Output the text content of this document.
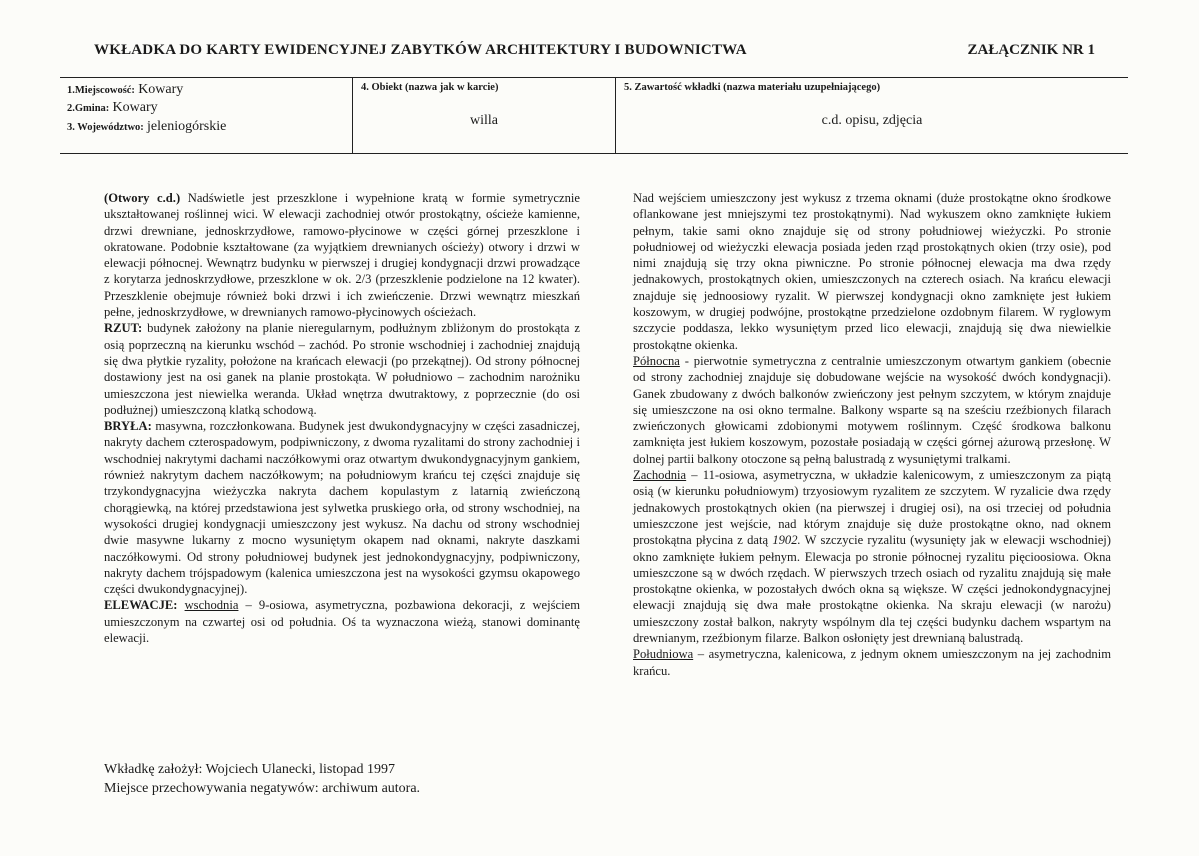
WKŁADKA DO KARTY EWIDENCYJNEJ ZABYTKÓW ARCHITEKTURY I BUDOWNICTWA	ZAŁĄCZNIK NR 1
1.Miejscowość: Kowary
2.Gmina: Kowary
3. Województwo: jeleniogórskie
4. Obiekt (nazwa jak w karcie)
willa
5. Zawartość wkładki (nazwa materiału uzupełniającego)
c.d. opisu, zdjęcia

(Otwory c.d.) Nadświetle jest przeszklone i wypełnione kratą w formie symetrycznie ukształtowanej roślinnej wici. W elewacji zachodniej otwór prostokątny, ościeże kamienne, drzwi drewniane, jednoskrzydłowe, ramowo-płycinowe w części górnej przeszklone i okratowane. Podobnie kształtowane (za wyjątkiem drewnianych ościeży) otwory i drzwi w elewacji północnej. Wewnątrz budynku w pierwszej i drugiej kondygnacji drzwi prowadzące z korytarza jednoskrzydłowe, przeszklone w ok. 2/3 (przeszklenie podzielone na 12 kwater). Przeszklenie obejmuje również boki drzwi i ich zwieńczenie. Drzwi wewnątrz mieszkań pełne, jednoskrzydłowe, w drewnianych ramowo-płycinowych ościeżach.

RZUT: budynek założony na planie nieregularnym, podłużnym zbliżonym do prostokąta z osią poprzeczną na kierunku wschód – zachód. Po stronie wschodniej i zachodniej znajdują się dwa płytkie ryzality, położone na krańcach elewacji (po przekątnej). Od strony północnej dostawiony jest na osi ganek na planie prostokąta. W południowo – zachodnim narożniku umieszczona jest niewielka weranda. Układ wnętrza dwutraktowy, z poprzecznie (do osi podłużnej) umieszczoną klatką schodową.

BRYŁA: masywna, rozczłonkowana. Budynek jest dwukondygnacyjny w części zasadniczej, nakryty dachem czterospadowym, podpiwniczony, z dwoma ryzalitami do strony zachodniej i wschodniej nakrytymi dachami naczółkowymi oraz otwartym dwukondygnacyjnym gankiem, również nakrytym dachem naczółkowym; na południowym krańcu tej części znajduje się trzykondygnacyjna wieżyczka nakryta dachem kopulastym z latarnią zwieńczoną chorągiewką, na której przedstawiona jest sylwetka pruskiego orła, od strony wschodniej, na wysokości drugiej kondygnacji umieszczony jest wykusz. Na dachu od strony wschodniej dwie masywne lukarny z mocno wysuniętym okapem nad oknami, nakryte daszkami naczółkowymi. Od strony południowej budynek jest jednokondygnacyjny, podpiwniczony, nakryty dachem trójspadowym (kalenica umieszczona jest na wysokości gzymsu okapowego części dwukondygnacyjnej).

ELEWACJE: wschodnia – 9-osiowa, asymetryczna, pozbawiona dekoracji, z wejściem umieszczonym na czwartej osi od południa. Oś ta wyznaczona wieżą, stanowi dominantę elewacji.

Nad wejściem umieszczony jest wykusz z trzema oknami (duże prostokątne okno środkowe oflankowane jest mniejszymi tez prostokątnymi). Nad wykuszem okno zamknięte łukiem pełnym, takie sami okno znajduje się od strony południowej wieżyczki. Po stronie południowej od wieżyczki elewacja posiada jeden rząd prostokątnych okien (trzy osie), pod nimi znajdują się trzy okna piwniczne. Po stronie północnej elewacja ma dwa rzędy jednakowych, prostokątnych okien, umieszczonych na czterech osiach. Na krańcu elewacji znajduje się jednoosiowy ryzalit. W pierwszej kondygnacji okno zamknięte jest łukiem koszowym, w drugiej podwójne, prostokątne przedzielone ozdobnym filarem. W ryglowym szczycie poddasza, lekko wysuniętym przed lico elewacji, znajdują się dwa niewielkie prostokątne okienka.

Północna - pierwotnie symetryczna z centralnie umieszczonym otwartym gankiem (obecnie od strony zachodniej znajduje się dobudowane wejście na wysokość dwóch kondygnacji). Ganek zbudowany z dwóch balkonów zwieńczony jest pełnym szczytem, w którym znajduje się umieszczone na osi okno termalne. Balkony wsparte są na sześciu rzeźbionych filarach zwieńczonych głowicami zdobionymi motywem roślinnym. Część środkowa balkonu zamknięta jest łukiem koszowym, pozostałe posiadają w części górnej ażurową przesłonę. W dolnej partii balkony otoczone są pełną balustradą z wysuniętymi tralkami.

Zachodnia – 11-osiowa, asymetryczna, w układzie kalenicowym, z umieszczonym za piątą osią (w kierunku południowym) trzyosiowym ryzalitem ze szczytem. W ryzalicie dwa rzędy jednakowych prostokątnych okien (na pierwszej i drugiej osi), na osi trzeciej od południa umieszczone jest wejście, nad którym znajduje się duże prostokątne okno, nad oknem prostokątna płycina z datą 1902. W szczycie ryzalitu (wysunięty jak w elewacji wschodniej) okno zamknięte łukiem pełnym. Elewacja po stronie północnej ryzalitu pięcioosiowa. Okna umieszczone są w dwóch rzędach. W pierwszych trzech osiach od ryzalitu znajdują się małe prostokątne okienka, w pozostałych dwóch okna są większe. W części jednokondygnacyjnej elewacji znajdują się dwa małe prostokątne okienka. Na skraju elewacji (w narożu) umieszczony został balkon, nakryty wspólnym dla tej części budynku dachem wspartym na drewnianym, rzeźbionym filarze. Balkon osłonięty jest drewnianą balustradą.

Południowa – asymetryczna, kalenicowa, z jednym oknem umieszczonym na jej zachodnim krańcu.

Wkładkę założył: Wojciech Ulanecki, listopad 1997
Miejsce przechowywania negatywów: archiwum autora.
